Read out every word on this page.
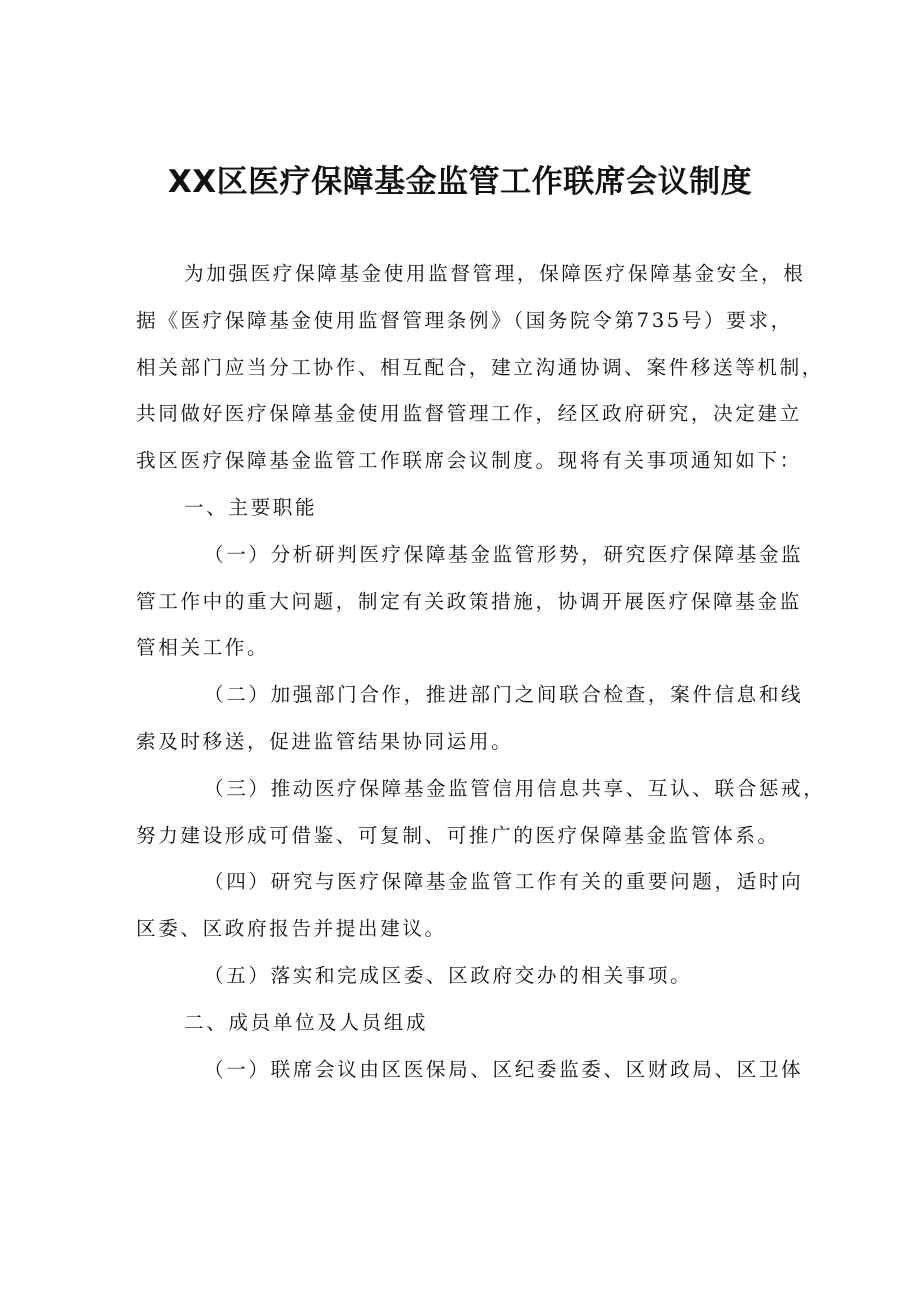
XX区医疗保障基金监管工作联席会议制度
为加强医疗保障基金使用监督管理，保障医疗保障基金安全，根
据《医疗保障基金使用监督管理条例》（国务院令第735号）要求，
相关部门应当分工协作、相互配合，建立沟通协调、案件移送等机制，
共同做好医疗保障基金使用监督管理工作，经区政府研究，决定建立
我区医疗保障基金监管工作联席会议制度。现将有关事项通知如下：
一、主要职能
（一）分析研判医疗保障基金监管形势，研究医疗保障基金监
管工作中的重大问题，制定有关政策措施，协调开展医疗保障基金监
管相关工作。
（二）加强部门合作，推进部门之间联合检查，案件信息和线
索及时移送，促进监管结果协同运用。
（三）推动医疗保障基金监管信用信息共享、互认、联合惩戒，
努力建设形成可借鉴、可复制、可推广的医疗保障基金监管体系。
（四）研究与医疗保障基金监管工作有关的重要问题，适时向
区委、区政府报告并提出建议。
（五）落实和完成区委、区政府交办的相关事项。
二、成员单位及人员组成
（一）联席会议由区医保局、区纪委监委、区财政局、区卫体
